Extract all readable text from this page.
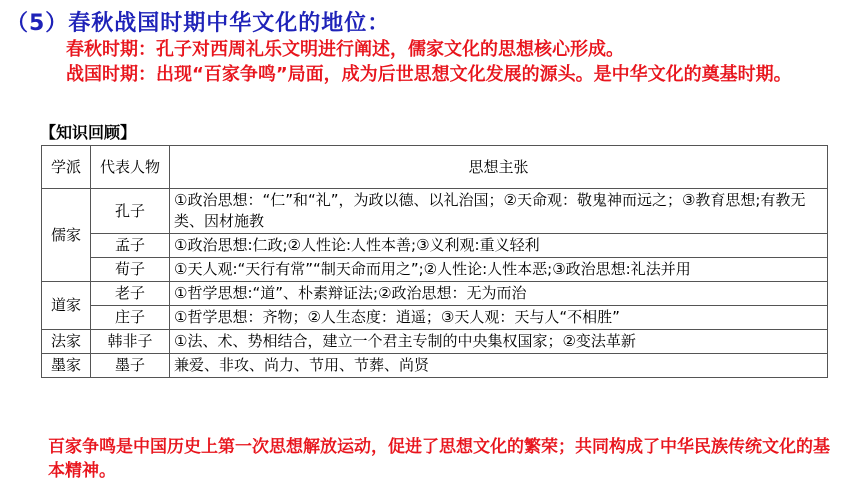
（5）春秋战国时期中华文化的地位：
春秋时期：孔子对西周礼乐文明进行阐述，儒家文化的思想核心形成。
战国时期：出现“百家争鸣”局面，成为后世思想文化发展的源头。是中华文化的奠基时期。
【知识回顾】
学派	代表人物	思想主张
儒家	孔子	①政治思想：“仁”和“礼”，为政以德、以礼治国；②天命观：敬鬼神而远之；③教育思想;有教无类、因材施教
	孟子	①政治思想:仁政;②人性论:人性本善;③义利观:重义轻利
	荀子	①天人观:“天行有常”“制天命而用之”;②人性论:人性本恶;③政治思想:礼法并用
道家	老子	①哲学思想:“道”、朴素辩证法;②政治思想：无为而治
	庄子	①哲学思想：齐物；②人生态度：逍遥；③天人观：天与人“不相胜”
法家	韩非子	①法、术、势相结合，建立一个君主专制的中央集权国家；②变法革新
墨家	墨子	兼爱、非攻、尚力、节用、节葬、尚贤
百家争鸣是中国历史上第一次思想解放运动，促进了思想文化的繁荣；共同构成了中华民族传统文化的基本精神。
